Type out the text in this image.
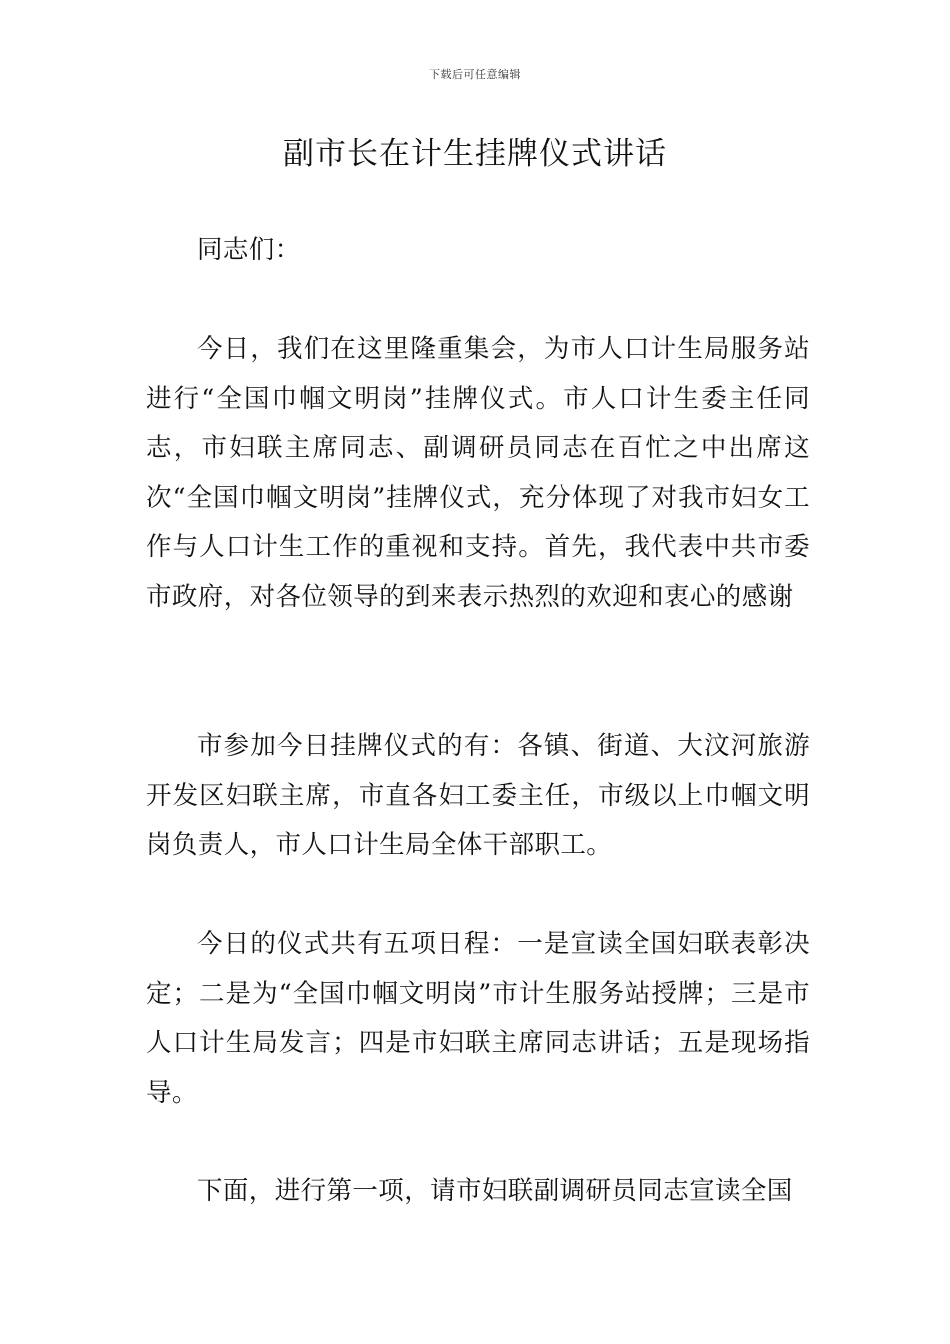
下载后可任意编辑
副市长在计生挂牌仪式讲话

同志们：

今日，我们在这里隆重集会，为市人口计生局服务站进行“全国巾帼文明岗”挂牌仪式。市人口计生委主任同志，市妇联主席同志、副调研员同志在百忙之中出席这次“全国巾帼文明岗”挂牌仪式，充分体现了对我市妇女工作与人口计生工作的重视和支持。首先，我代表中共市委市政府，对各位领导的到来表示热烈的欢迎和衷心的感谢

市参加今日挂牌仪式的有：各镇、街道、大汶河旅游开发区妇联主席，市直各妇工委主任，市级以上巾帼文明岗负责人，市人口计生局全体干部职工。

今日的仪式共有五项日程：一是宣读全国妇联表彰决定；二是为“全国巾帼文明岗”市计生服务站授牌；三是市人口计生局发言；四是市妇联主席同志讲话；五是现场指导。

下面，进行第一项，请市妇联副调研员同志宣读全国
